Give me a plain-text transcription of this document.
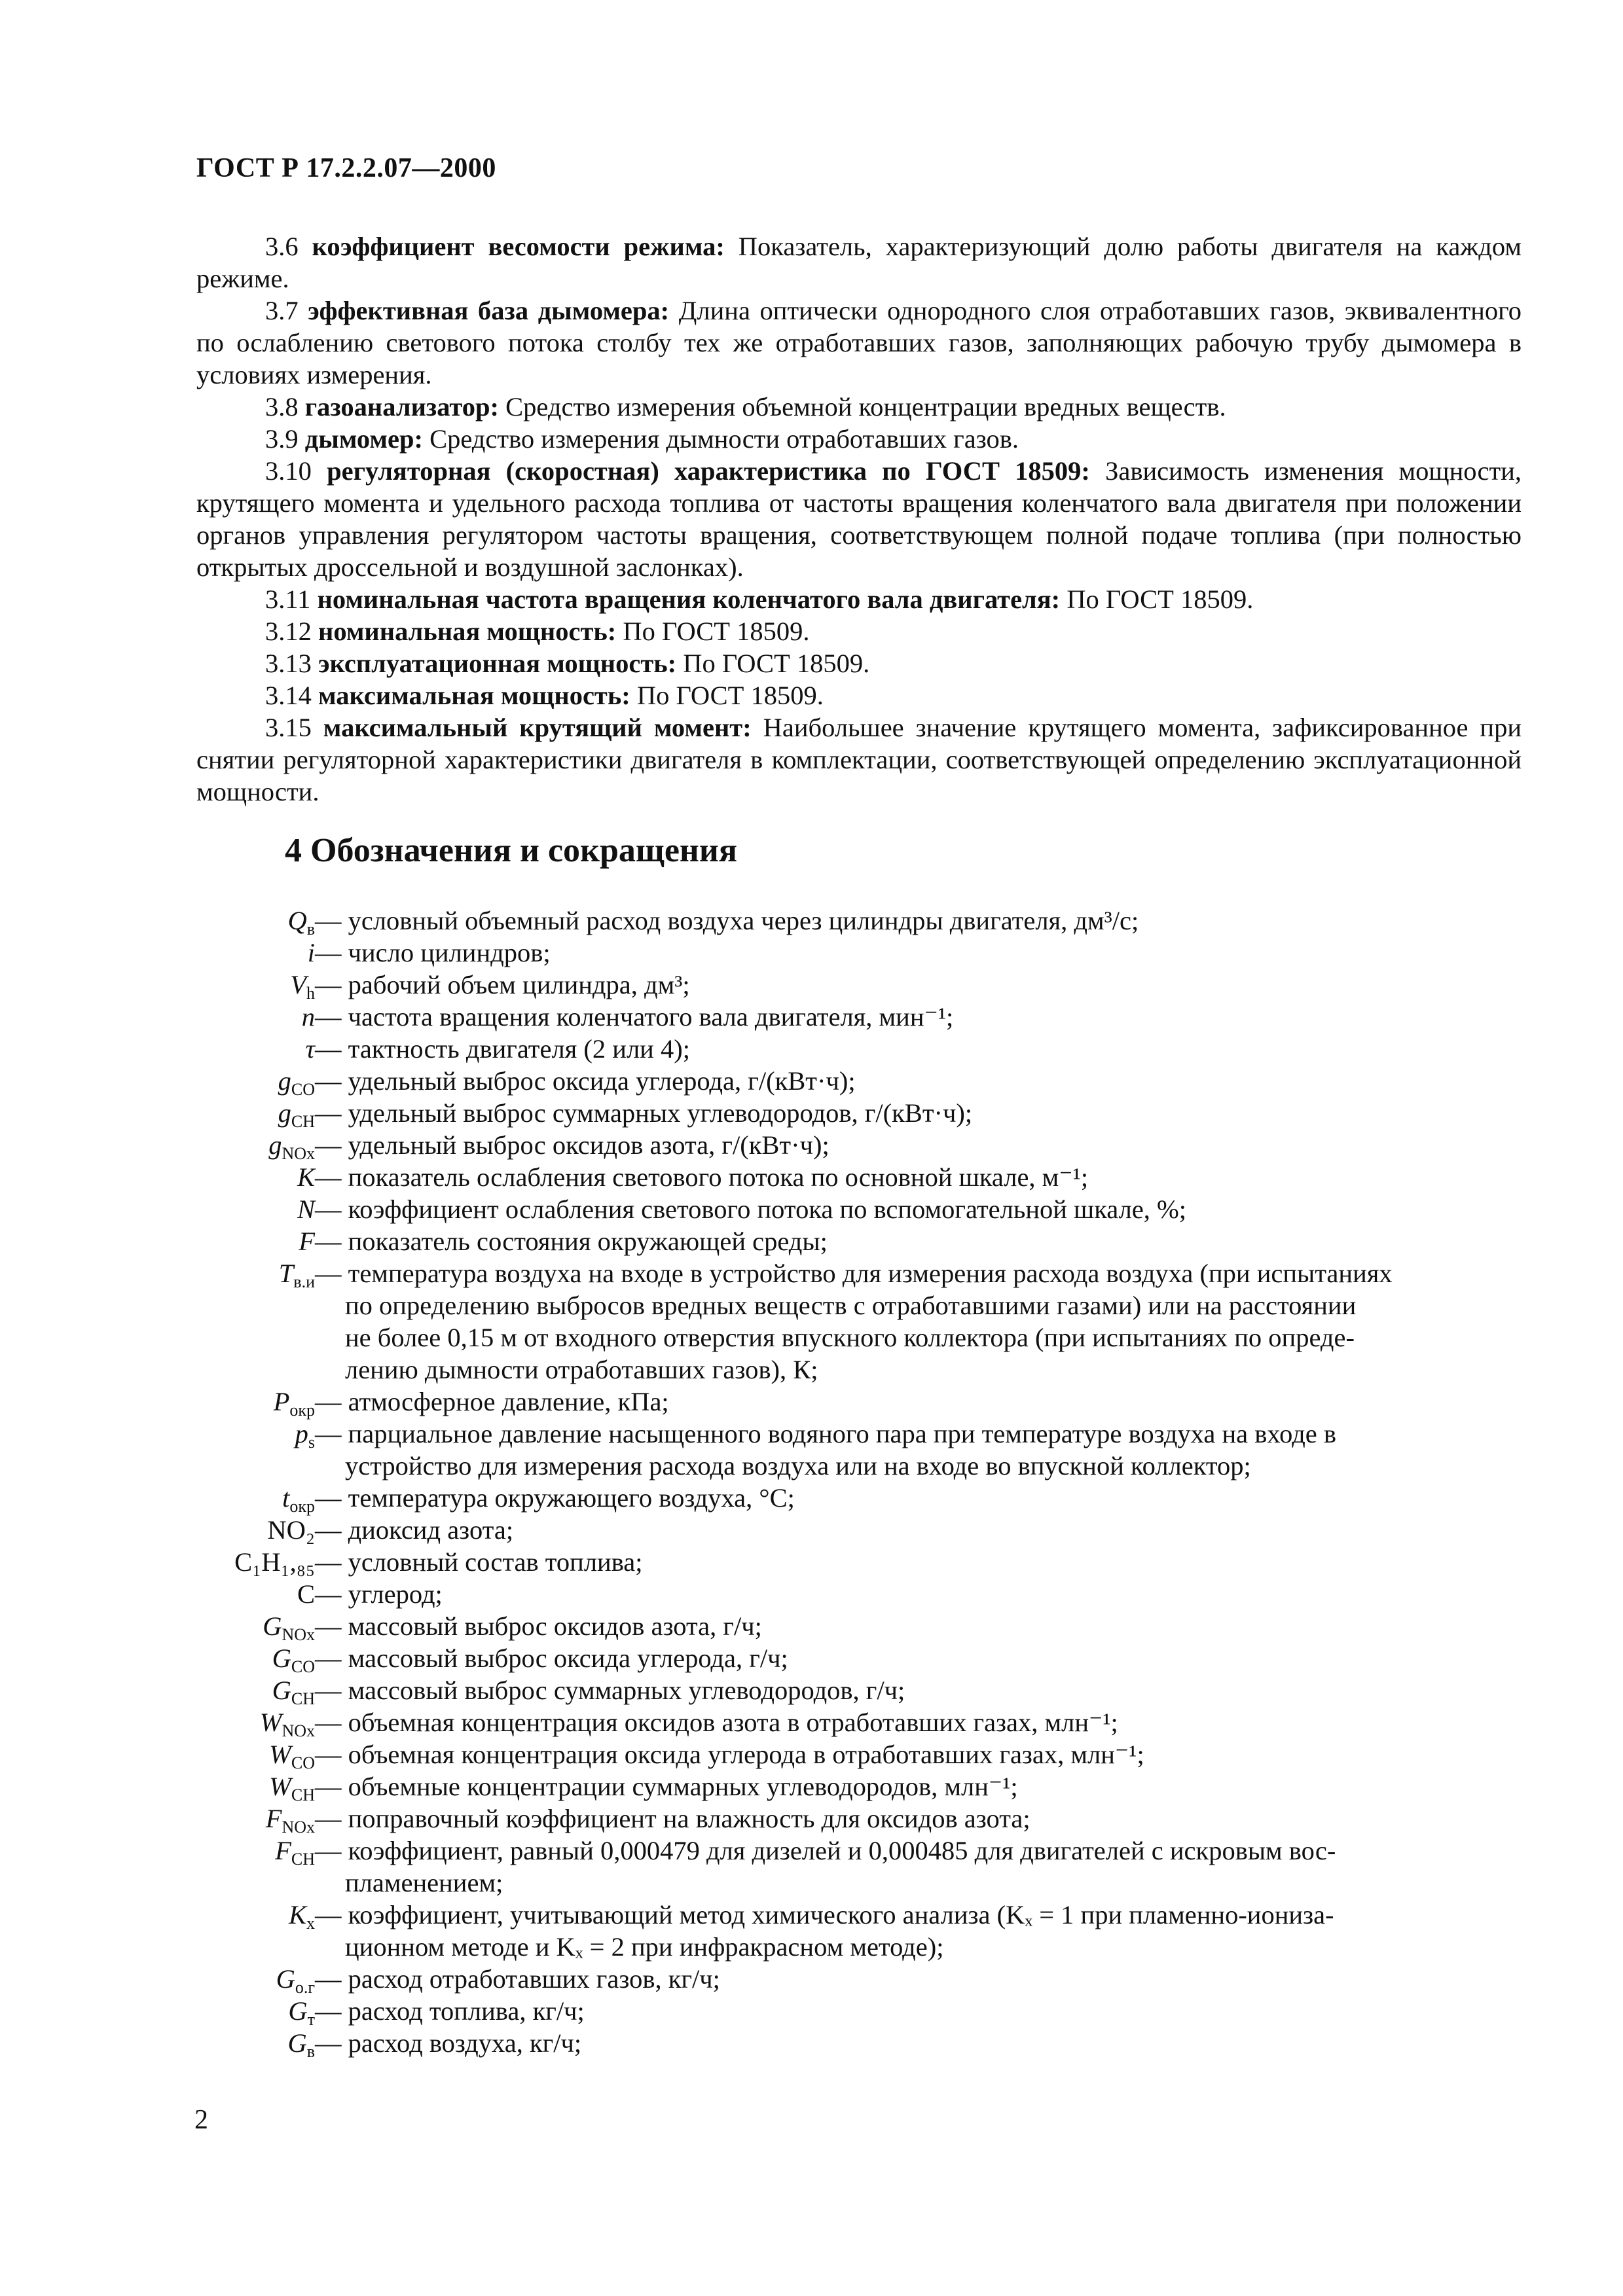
ГОСТ Р 17.2.2.07—2000

3.6 коэффициент весомости режима: Показатель, характеризующий долю работы двигателя на каждом режиме.

3.7 эффективная база дымомера: Длина оптически однородного слоя отработавших газов, эквивалентного по ослаблению светового потока столбу тех же отработавших газов, заполняющих рабочую трубу дымомера в условиях измерения.

3.8 газоанализатор: Средство измерения объемной концентрации вредных веществ.

3.9 дымомер: Средство измерения дымности отработавших газов.

3.10 регуляторная (скоростная) характеристика по ГОСТ 18509: Зависимость изменения мощности, крутящего момента и удельного расхода топлива от частоты вращения коленчатого вала двигателя при положении органов управления регулятором частоты вращения, соответствующем полной подаче топлива (при полностью открытых дроссельной и воздушной заслонках).

3.11 номинальная частота вращения коленчатого вала двигателя: По ГОСТ 18509.

3.12 номинальная мощность: По ГОСТ 18509.

3.13 эксплуатационная мощность: По ГОСТ 18509.

3.14 максимальная мощность: По ГОСТ 18509.

3.15 максимальный крутящий момент: Наибольшее значение крутящего момента, зафиксированное при снятии регуляторной характеристики двигателя в комплектации, соответствующей определению эксплуатационной мощности.

4 Обозначения и сокращения
$Q_в$ — условный объемный расход воздуха через цилиндры двигателя, дм³/с;
i — число цилиндров;
$V_h$ — рабочий объем цилиндра, дм³;
n — частота вращения коленчатого вала двигателя, мин⁻¹;
τ — тактность двигателя (2 или 4);
$g_{CO}$ — удельный выброс оксида углерода, г/(кВт·ч);
$g_{CH}$ — удельный выброс суммарных углеводородов, г/(кВт·ч);
$g_{NOx}$ — удельный выброс оксидов азота, г/(кВт·ч);
K — показатель ослабления светового потока по основной шкале, м⁻¹;
N — коэффициент ослабления светового потока по вспомогательной шкале, %;
F — показатель состояния окружающей среды;
$T_{в.и}$ — температура воздуха на входе в устройство для измерения расхода воздуха (при испытаниях
по определению выбросов вредных веществ с отработавшими газами) или на расстоянии
не более 0,15 м от входного отверстия впускного коллектора (при испытаниях по опреде-
лению дымности отработавших газов), К;
$P_{окр}$ — атмосферное давление, кПа;
$p_s$ — парциальное давление насыщенного водяного пара при температуре воздуха на входе в
устройство для измерения расхода воздуха или на входе во впускной коллектор;
$t_{окр}$ — температура окружающего воздуха, °С;
NO₂ — диоксид азота;
C₁H₁,₈₅ — условный состав топлива;
C — углерод;
$G_{NOx}$ — массовый выброс оксидов азота, г/ч;
$G_{CO}$ — массовый выброс оксида углерода, г/ч;
$G_{CH}$ — массовый выброс суммарных углеводородов, г/ч;
$W_{NOx}$ — объемная концентрация оксидов азота в отработавших газах, млн⁻¹;
$W_{CO}$ — объемная концентрация оксида углерода в отработавших газах, млн⁻¹;
$W_{CH}$ — объемные концентрации суммарных углеводородов, млн⁻¹;
$F_{NOx}$ — поправочный коэффициент на влажность для оксидов азота;
$F_{CH}$ — коэффициент, равный 0,000479 для дизелей и 0,000485 для двигателей с искровым вос-
пламенением;
$K_x$ — коэффициент, учитывающий метод химического анализа (Kₓ = 1 при пламенно-иониза-
ционном методе и Kₓ = 2 при инфракрасном методе);
$G_{о.г}$ — расход отработавших газов, кг/ч;
$G_т$ — расход топлива, кг/ч;
$G_в$ — расход воздуха, кг/ч;
2
